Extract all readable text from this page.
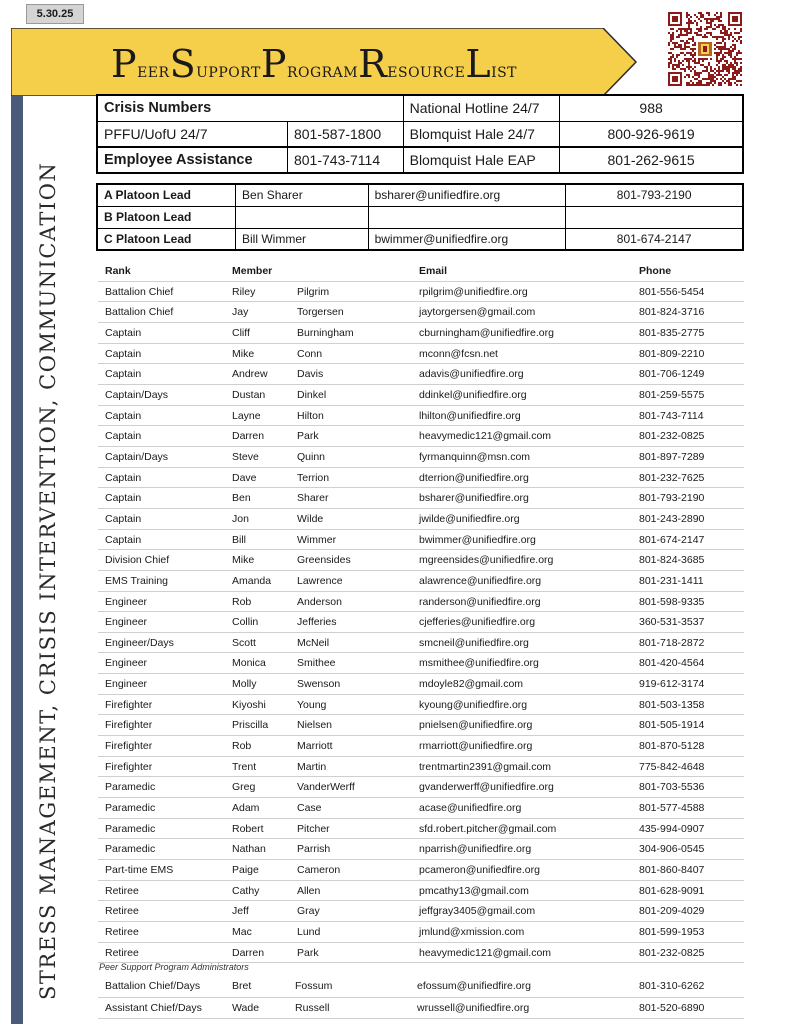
5.30.25
STRESS MANAGEMENT, CRISIS INTERVENTION, COMMUNICATION
PeerSupportProgramResourceList
Crisis Numbers		National Hotline 24/7	988
PFFU/UofU 24/7	801-587-1800	Blomquist Hale 24/7	800-926-9619
Employee Assistance	801-743-7114	Blomquist Hale EAP	801-262-9615
A Platoon Lead	Ben Sharer	bsharer@unifiedfire.org	801-793-2190
B Platoon Lead			
C Platoon Lead	Bill Wimmer	bwimmer@unifiedfire.org	801-674-2147
Rank	Member	Email	Phone
Battalion Chief	Riley	Pilgrim	rpilgrim@unifiedfire.org	801-556-5454
Battalion Chief	Jay	Torgersen	jaytorgersen@gmail.com	801-824-3716
Captain	Cliff	Burningham	cburningham@unifiedfire.org	801-835-2775
Captain	Mike	Conn	mconn@fcsn.net	801-809-2210
Captain	Andrew	Davis	adavis@unifiedfire.org	801-706-1249
Captain/Days	Dustan	Dinkel	ddinkel@unifiedfire.org	801-259-5575
Captain	Layne	Hilton	lhilton@unifiedfire.org	801-743-7114
Captain	Darren	Park	heavymedic121@gmail.com	801-232-0825
Captain/Days	Steve	Quinn	fyrmanquinn@msn.com	801-897-7289
Captain	Dave	Terrion	dterrion@unifiedfire.org	801-232-7625
Captain	Ben	Sharer	bsharer@unifiedfire.org	801-793-2190
Captain	Jon	Wilde	jwilde@unifiedfire.org	801-243-2890
Captain	Bill	Wimmer	bwimmer@unifiedfire.org	801-674-2147
Division Chief	Mike	Greensides	mgreensides@unifiedfire.org	801-824-3685
EMS Training	Amanda Lawrence	alawrence@unifiedfire.org	801-231-1411
Engineer	Rob	Anderson	randerson@unifiedfire.org	801-598-9335
Engineer	Collin	Jefferies	cjefferies@unifiedfire.org	360-531-3537
Engineer/Days	Scott	McNeil	smcneil@unifiedfire.org	801-718-2872
Engineer	Monica	Smithee	msmithee@unifiedfire.org	801-420-4564
Engineer	Molly	Swenson	mdoyle82@gmail.com	919-612-3174
Firefighter	Kiyoshi	Young	kyoung@unifiedfire.org	801-503-1358
Firefighter	Priscilla	Nielsen	pnielsen@unifiedfire.org	801-505-1914
Firefighter	Rob	Marriott	rmarriott@unifiedfire.org	801-870-5128
Firefighter	Trent	Martin	trentmartin2391@gmail.com	775-842-4648
Paramedic	Greg	VanderWerff	gvanderwerff@unifiedfire.org	801-703-5536
Paramedic	Adam	Case	acase@unifiedfire.org	801-577-4588
Paramedic	Robert	Pitcher	sfd.robert.pitcher@gmail.com	435-994-0907
Paramedic	Nathan	Parrish	nparrish@unifiedfire.org	304-906-0545
Part-time EMS	Paige	Cameron	pcameron@unifiedfire.org	801-860-8407
Retiree	Cathy	Allen	pmcathy13@gmail.com	801-628-9091
Retiree	Jeff	Gray	jeffgray3405@gmail.com	801-209-4029
Retiree	Mac	Lund	jmlund@xmission.com	801-599-1953
Retiree	Darren	Park	heavymedic121@gmail.com	801-232-0825
Peer Support Program Administrators
Battalion Chief/Days	Bret	Fossum	efossum@unifiedfire.org	801-310-6262
Assistant Chief/Days	Wade	Russell	wrussell@unifiedfire.org	801-520-6890
